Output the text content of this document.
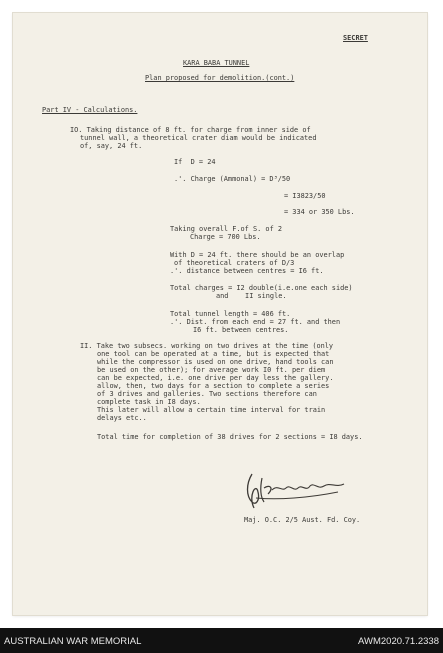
SECRET
KARA BABA TUNNEL
Plan proposed for demolition.(cont.)
Part IV - Calculations.
IO. Taking distance of 8 ft. for charge from inner side of
tunnel wall, a theoretical crater diam would be indicated
of, say, 24 ft.
If  D = 24
.'. Charge (Ammonal) = D³/50
= I3823/50
= 334 or 350 Lbs.
Taking overall F.of S. of 2
Charge = 700 Lbs.
With D = 24 ft. there should be an overlap
of theoretical craters of D/3
.'. distance between centres = I6 ft.
Total charges = I2 double(i.e.one each side)
and    II single.
Total tunnel length = 406 ft.
.'. Dist. from each end = 27 ft. and then
I6 ft. between centres.
II. Take two subsecs. working on two drives at the time (only
one tool can be operated at a time, but is expected that
while the compressor is used on one drive, hand tools can
be used on the other); for average work I0 ft. per diem
can be expected, i.e. one drive per day less the gallery.
allow, then, two days for a section to complete a series
of 3 drives and galleries. Two sections therefore can
complete task in I8 days.
This later will allow a certain time interval for train
delays etc..
Total time for completion of 38 drives for 2 sections = I8 days.
Maj. O.C. 2/5 Aust. Fd. Coy.
AUSTRALIAN WAR MEMORIAL	AWM2020.71.2338
